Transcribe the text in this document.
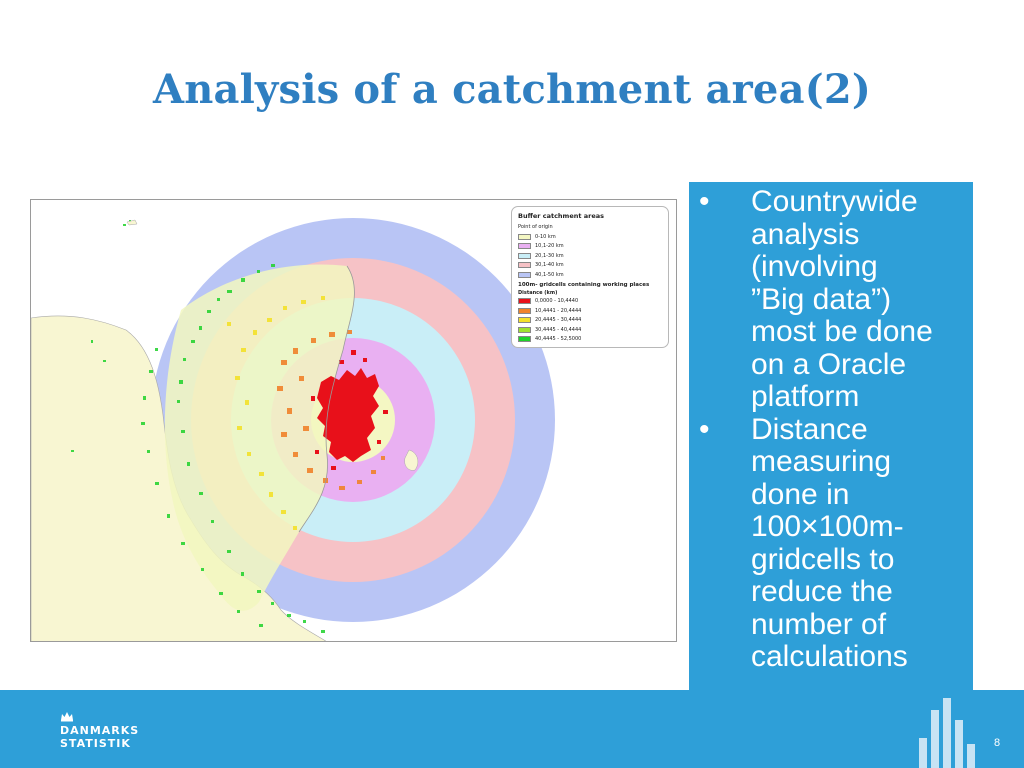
Analysis of a catchment area(2)
Buffer catchment areas
Point of origin
0-10 km
10,1-20 km
20,1-30 km
30,1-40 km
40,1-50 km
100m- gridcells containing working places
Distance (km)
0,0000 - 10,4440
10,4441 - 20,4444
20,4445 - 30,4444
30,4445 - 40,4444
40,4445 - 52,5000
•	Countrywide
analysis
(involving
”Big data”)
most be done
on a Oracle
platform
•	Distance
measuring
done in
100×100m-
gridcells to
reduce the
number of
calculations
DANMARKS
STATISTIK	8
